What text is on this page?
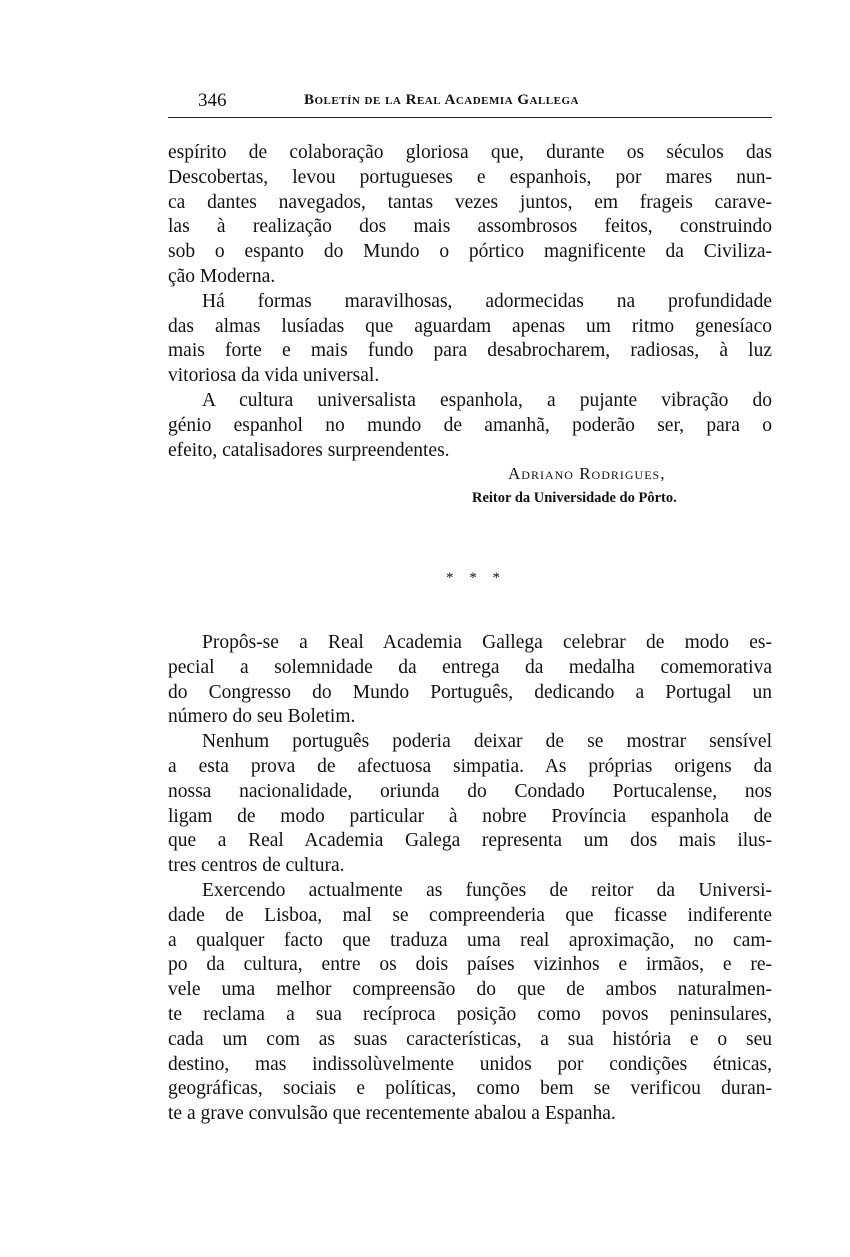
346	Boletín de la Real Academia Gallega
espírito de colaboração gloriosa que, durante os séculos das
Descobertas, levou portugueses e espanhois, por mares nun-
ca dantes navegados, tantas vezes juntos, em frageis carave-
las à realização dos mais assombrosos feitos, construindo
sob o espanto do Mundo o pórtico magnificente da Civiliza-
ção Moderna.
Há formas maravilhosas, adormecidas na profundidade
das almas lusíadas que aguardam apenas um ritmo genesíaco
mais forte e mais fundo para desabrocharem, radiosas, à luz
vitoriosa da vida universal.
A cultura universalista espanhola, a pujante vibração do
génio espanhol no mundo de amanhã, poderão ser, para o
efeito, catalisadores surpreendentes.
Adriano Rodrigues,
Reitor da Universidade do Pôrto.
* * *
Propôs-se a Real Academia Gallega celebrar de modo es-
pecial a solemnidade da entrega da medalha comemorativa
do Congresso do Mundo Português, dedicando a Portugal un
número do seu Boletim.
Nenhum português poderia deixar de se mostrar sensível
a esta prova de afectuosa simpatia. As próprias origens da
nossa nacionalidade, oriunda do Condado Portucalense, nos
ligam de modo particular à nobre Província espanhola de
que a Real Academia Galega representa um dos mais ilus-
tres centros de cultura.
Exercendo actualmente as funções de reitor da Universi-
dade de Lisboa, mal se compreenderia que ficasse indiferente
a qualquer facto que traduza uma real aproximação, no cam-
po da cultura, entre os dois países vizinhos e irmãos, e re-
vele uma melhor compreensão do que de ambos naturalmen-
te reclama a sua recíproca posição como povos peninsulares,
cada um com as suas características, a sua história e o seu
destino, mas indissolùvelmente unidos por condições étnicas,
geográficas, sociais e políticas, como bem se verificou duran-
te a grave convulsão que recentemente abalou a Espanha.
